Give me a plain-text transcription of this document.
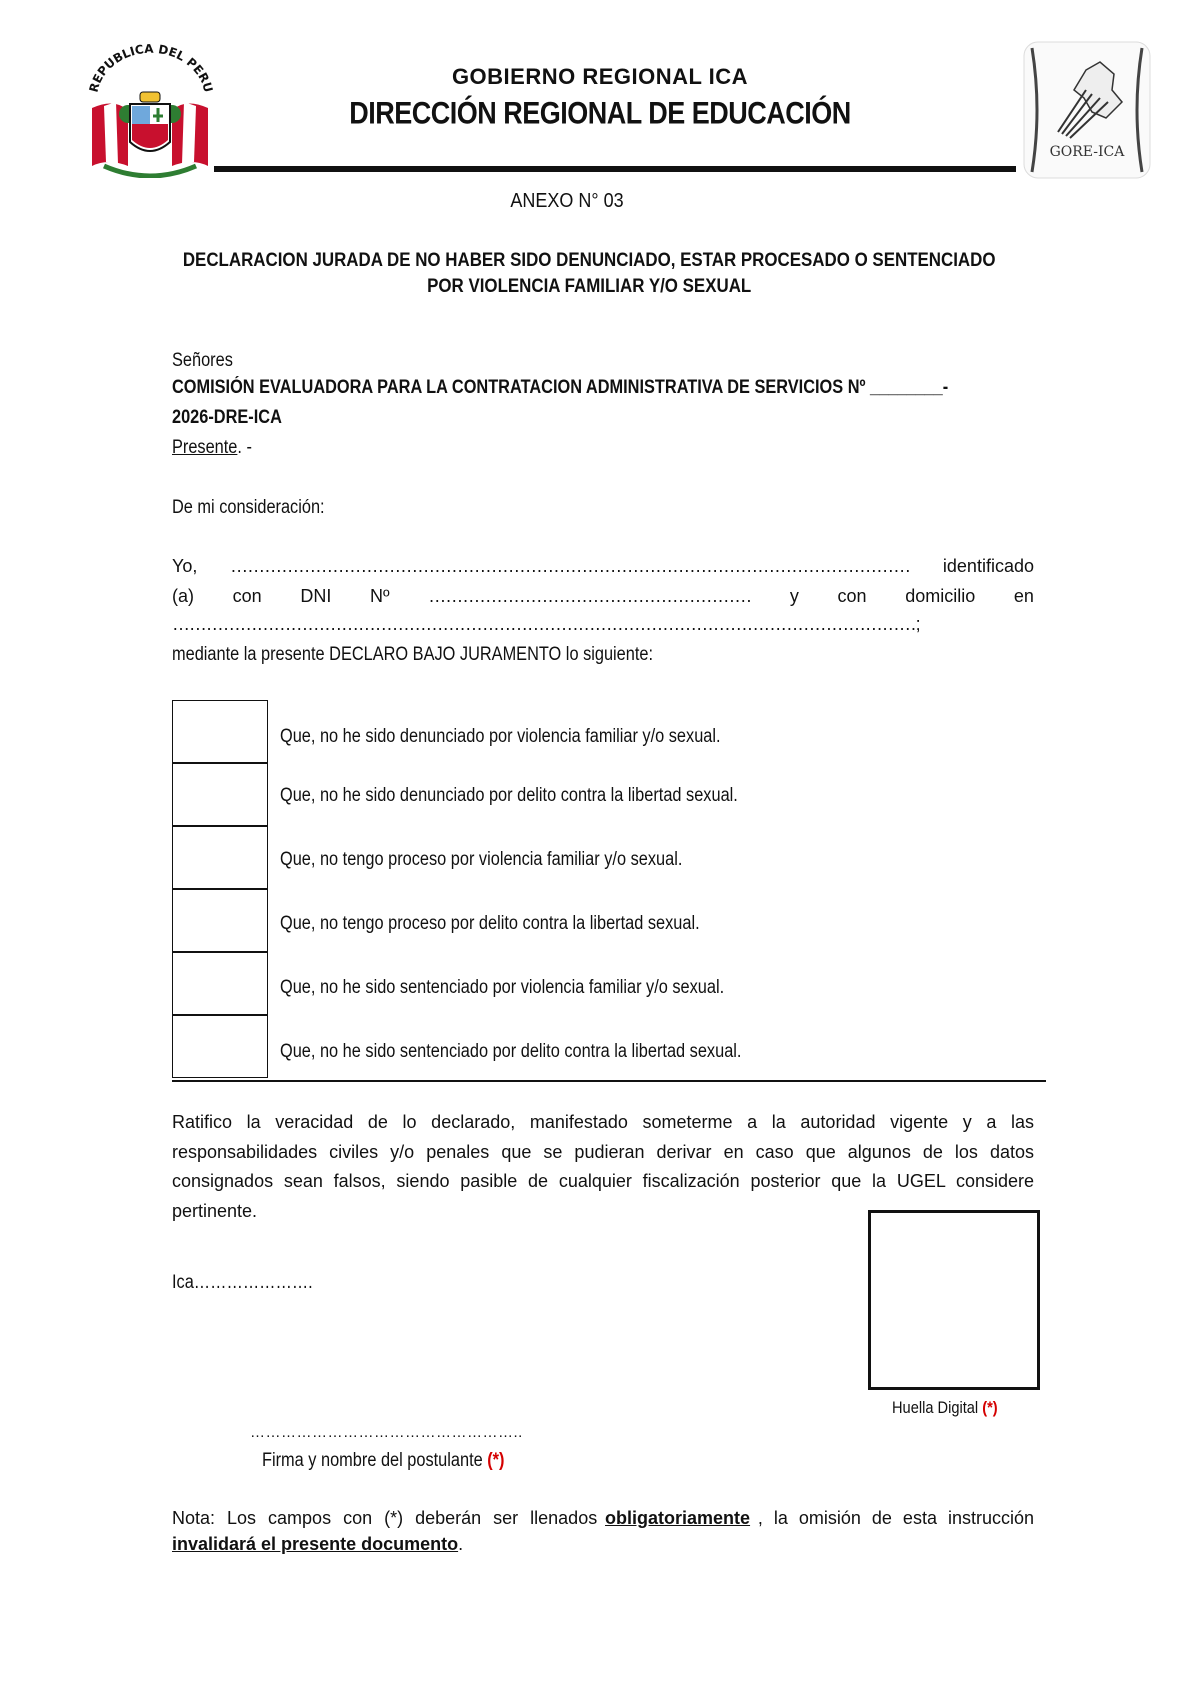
REPUBLICA DEL PERU	GOBIERNO REGIONAL ICA
DIRECCIÓN REGIONAL DE EDUCACIÓN
GORE-ICA
ANEXO N° 03
DECLARACION JURADA DE NO HABER SIDO DENUNCIADO, ESTAR PROCESADO O SENTENCIADO
POR VIOLENCIA FAMILIAR Y/O SEXUAL
Señores
COMISIÓN EVALUADORA PARA LA CONTRATACION ADMINISTRATIVA DE SERVICIOS Nº ________-
2026-DRE-ICA
Presente. -
De mi consideración:
Yo, ………………………………………………………………………………………………………… identificado
(a) con DNI Nº ………………………………………………… y con domicilio en
……………………………………………………………………………………………………………………;
mediante la presente DECLARO BAJO JURAMENTO lo siguiente:
Que, no he sido denunciado por violencia familiar y/o sexual.
Que, no he sido denunciado por delito contra la libertad sexual.
Que, no tengo proceso por violencia familiar y/o sexual.
Que, no tengo proceso por delito contra la libertad sexual.
Que, no he sido sentenciado por violencia familiar y/o sexual.
Que, no he sido sentenciado por delito contra la libertad sexual.
Ratifico la veracidad de lo declarado, manifestado someterme a la autoridad vigente y a las responsabilidades civiles y/o penales que se pudieran derivar en caso que algunos de los datos consignados sean falsos, siendo pasible de cualquier fiscalización posterior que la UGEL considere pertinente.
Ica………………….
Huella Digital (*)
……………………………………………..
Firma y nombre del postulante (*)
Nota: Los campos con (*) deberán ser llenados obligatoriamente , la omisión de esta instrucción
invalidará el presente documento.
